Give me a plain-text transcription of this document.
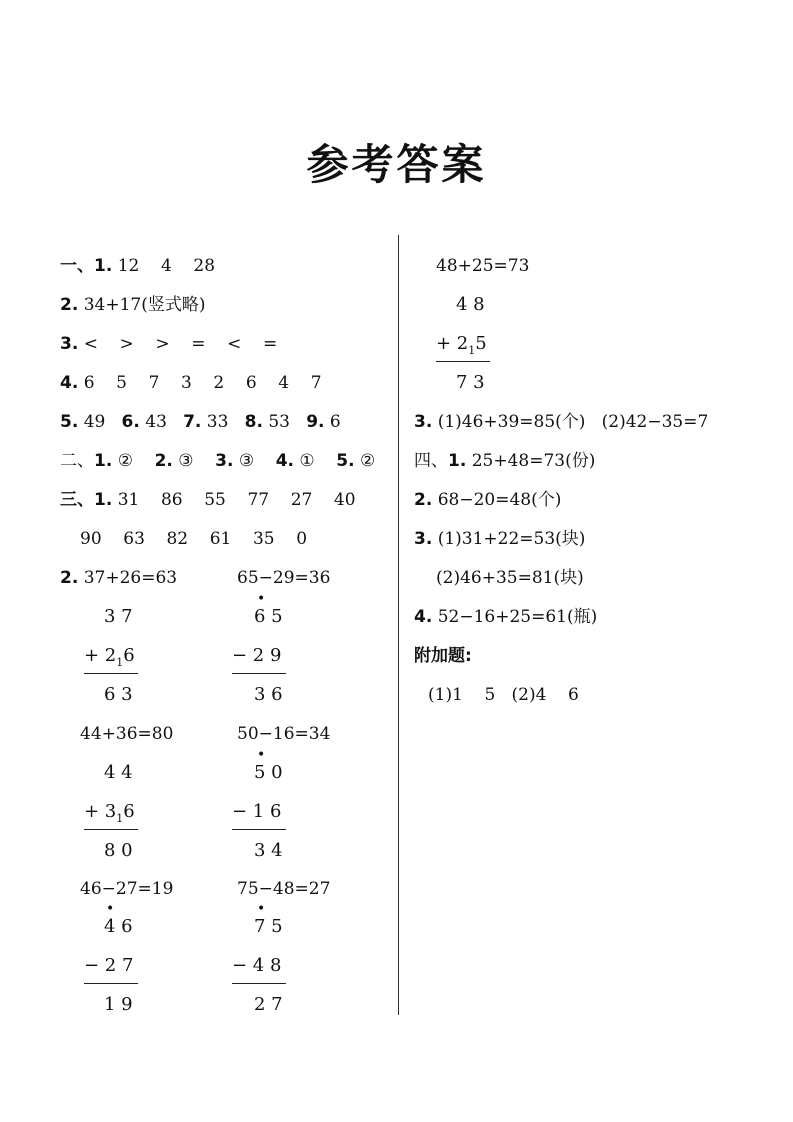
参考答案
一、1. 12    4    28
2. 34+17(竖式略)
3. <    >    >    =    <    =
4. 6    5    7    3    2    6    4    7
5. 49   6. 43   7. 33   8. 53   9. 6
二、1. ②    2. ③    3. ③    4. ①    5. ②
三、1. 31    86    55    77    27    40
90    63    82    61    35    0
2. 37+26=63	65−29=36
3 7
+ $2_16$
6 3
•
6 5
− 2 9
3 6
44+36=80	50−16=34
4 4
+ $3_16$
8 0
•
5 0
− 1 6
3 4
46−27=19	75−48=27
•
4 6
− 2 7
1 9
•
7 5
− 4 8
2 7
48+25=73
4 8
+ $2_15$
7 3
3. (1)46+39=85(个)   (2)42−35=7
四、1. 25+48=73(份)
2. 68−20=48(个)
3. (1)31+22=53(块)
(2)46+35=81(块)
4. 52−16+25=61(瓶)
附加题:
(1)1    5   (2)4    6
